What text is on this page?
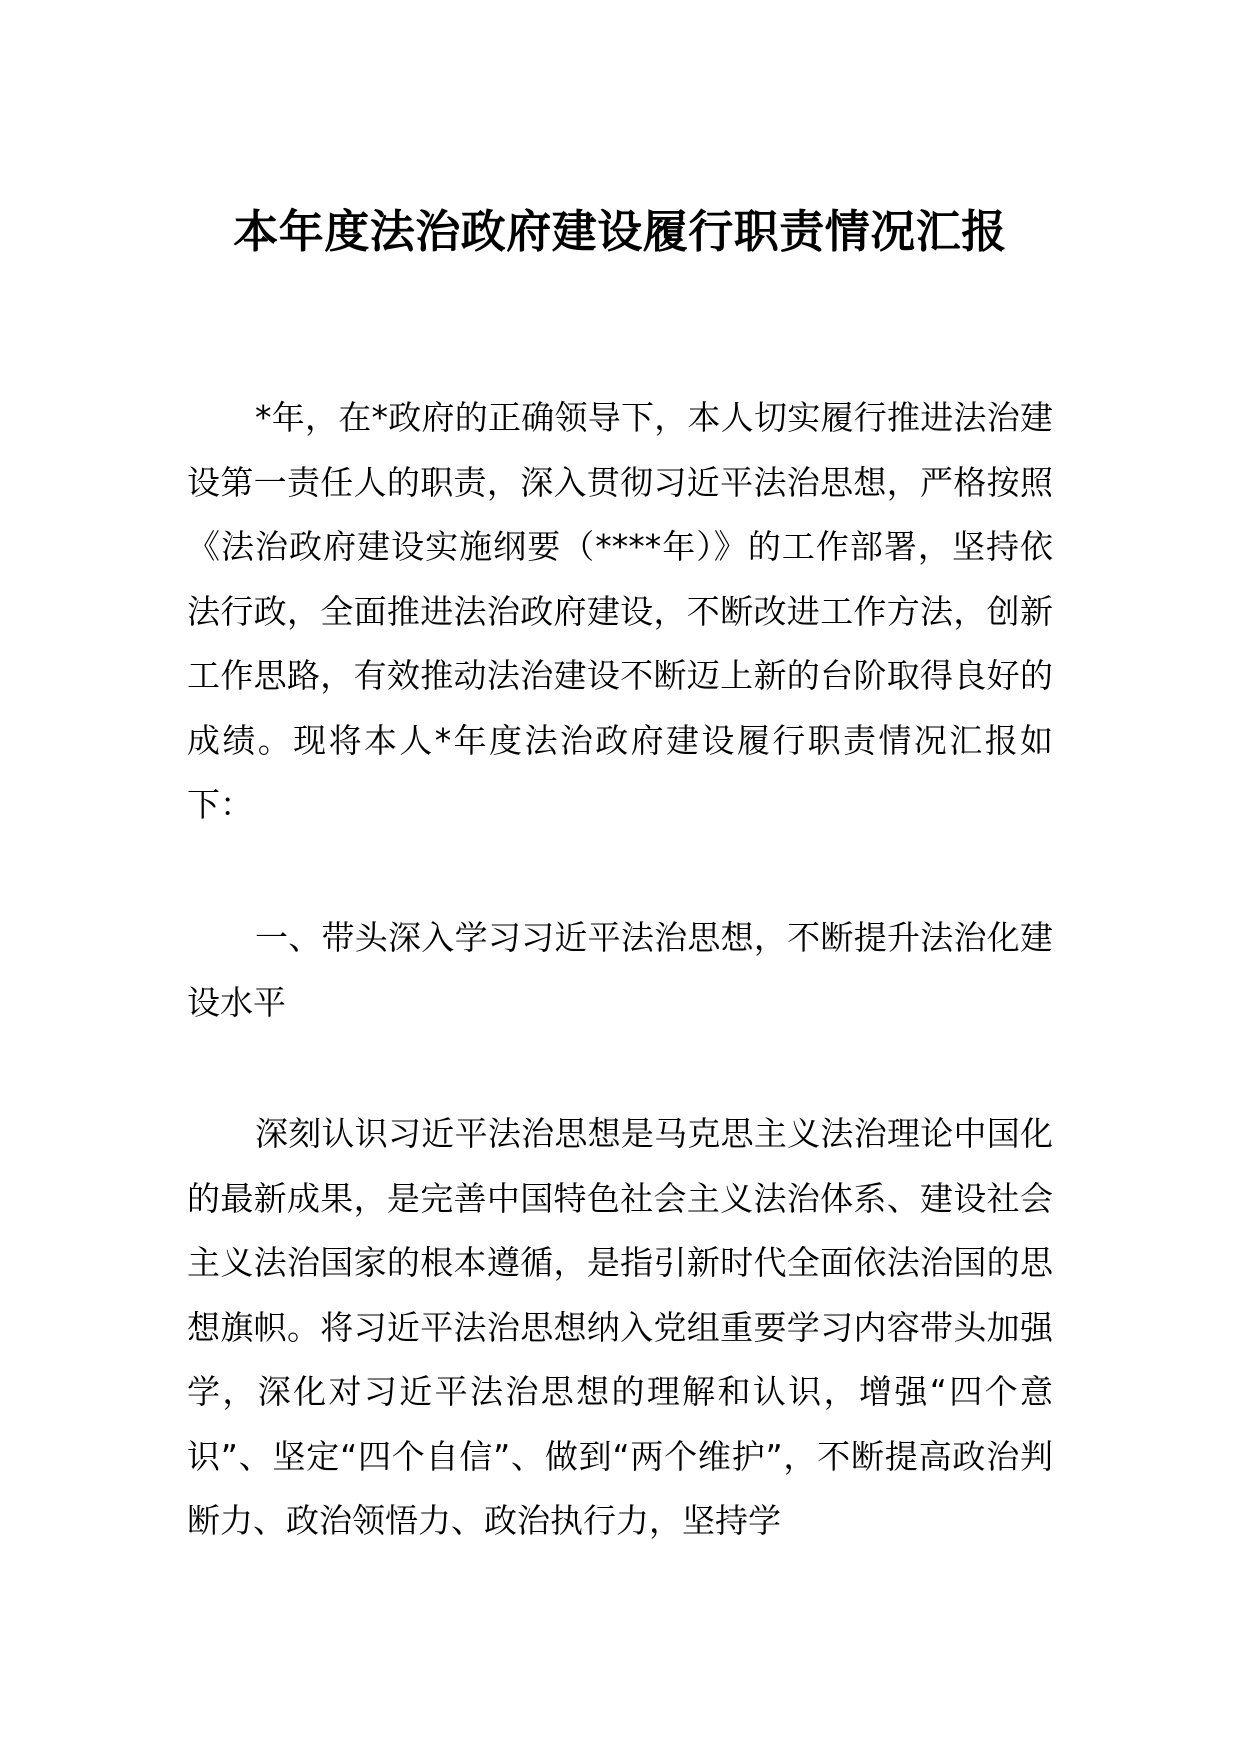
本年度法治政府建设履行职责情况汇报

*年，在*政府的正确领导下，本人切实履行推进法治建设第一责任人的职责，深入贯彻习近平法治思想，严格按照《法治政府建设实施纲要（****年）》的工作部署，坚持依法行政，全面推进法治政府建设，不断改进工作方法，创新工作思路，有效推动法治建设不断迈上新的台阶取得良好的成绩。现将本人*年度法治政府建设履行职责情况汇报如下：

一、带头深入学习习近平法治思想，不断提升法治化建设水平

深刻认识习近平法治思想是马克思主义法治理论中国化的最新成果，是完善中国特色社会主义法治体系、建设社会主义法治国家的根本遵循，是指引新时代全面依法治国的思想旗帜。将习近平法治思想纳入党组重要学习内容带头加强学，深化对习近平法治思想的理解和认识，增强“四个意识”、坚定“四个自信”、做到“两个维护”，不断提高政治判断力、政治领悟力、政治执行力，坚持学
